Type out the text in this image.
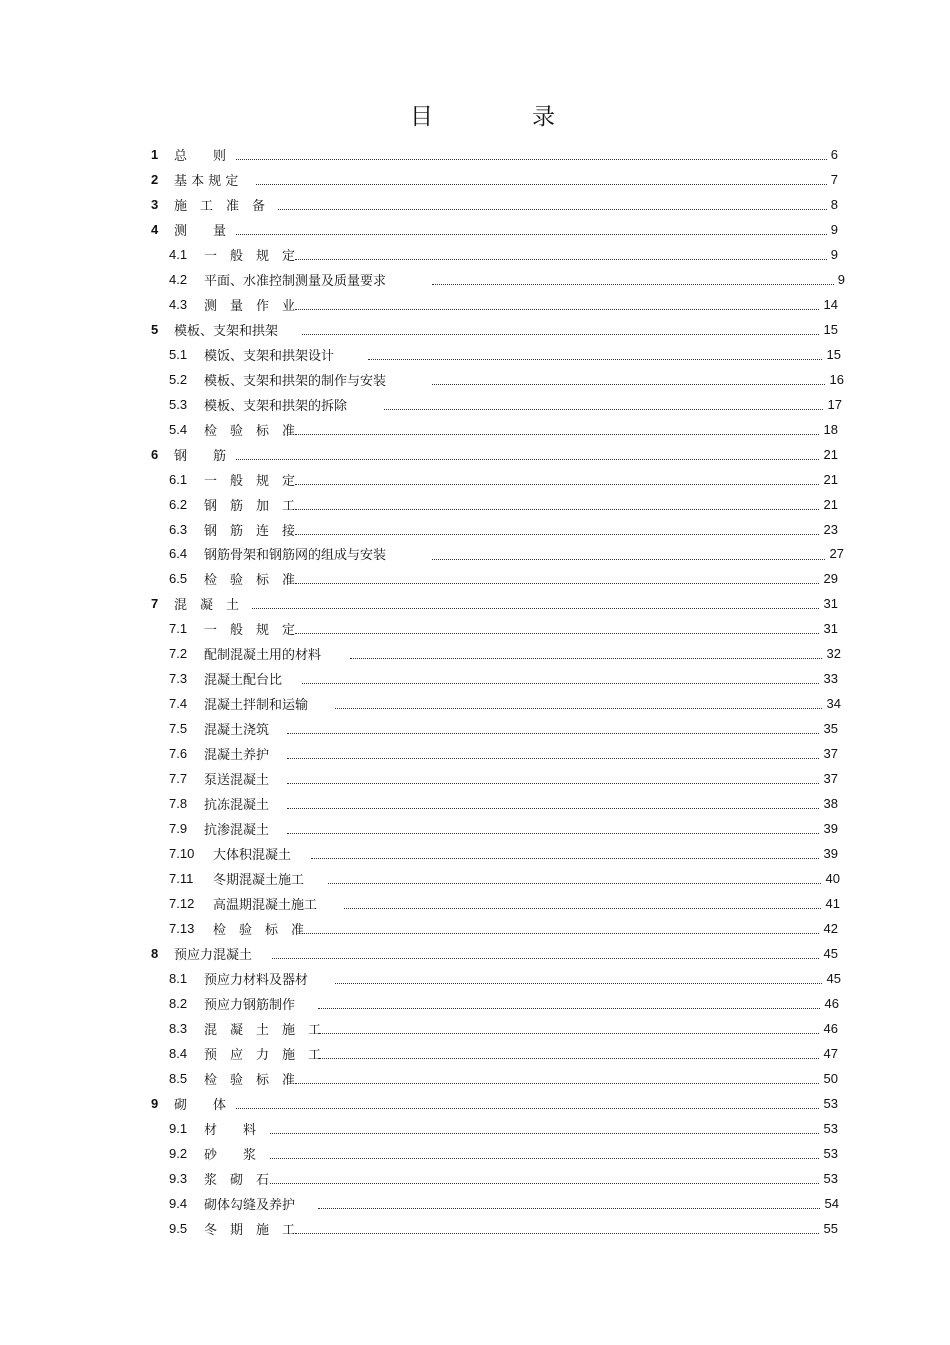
目　录
1 总　　则	6
2 基 本 规 定	7
3 施　工　准　备	8
4 测　　量	9
4.1 一　般　规　定	9
4.2 平面、水准控制测量及质量要求	9
4.3 测　量　作　业	14
5 模板、支架和拱架	15
5.1 模饭、支架和拱架设计	15
5.2 模板、支架和拱架的制作与安装	16
5.3 模板、支架和拱架的拆除	17
5.4 检　验　标　准	18
6 钢　　筋	21
6.1 一　般　规　定	21
6.2 钢　筋　加　工	21
6.3 钢　筋　连　接	23
6.4 钢筋骨架和钢筋网的组成与安装	27
6.5 检　验　标　准	29
7 混　凝　土	31
7.1 一　般　规　定	31
7.2 配制混凝土用的材料	32
7.3 混凝土配台比	33
7.4 混凝土拌制和运输	34
7.5 混凝土浇筑	35
7.6 混凝土养护	37
7.7 泵送混凝土	37
7.8 抗冻混凝土	38
7.9 抗渗混凝土	39
7.10 大体积混凝土	39
7.11 冬期混凝土施工	40
7.12 高温期混凝土施工	41
7.13 检　验　标　准	42
8 预应力混凝土	45
8.1 预应力材料及器材	45
8.2 预应力钢筋制作	46
8.3 混　凝　土　施　工	46
8.4 预　应　力　施　工	47
8.5 检　验　标　准	50
9 砌　　体	53
9.1 材　　料	53
9.2 砂　　浆	53
9.3 浆　砌　石	53
9.4 砌体勾缝及养护	54
9.5 冬　期　施　工	55
